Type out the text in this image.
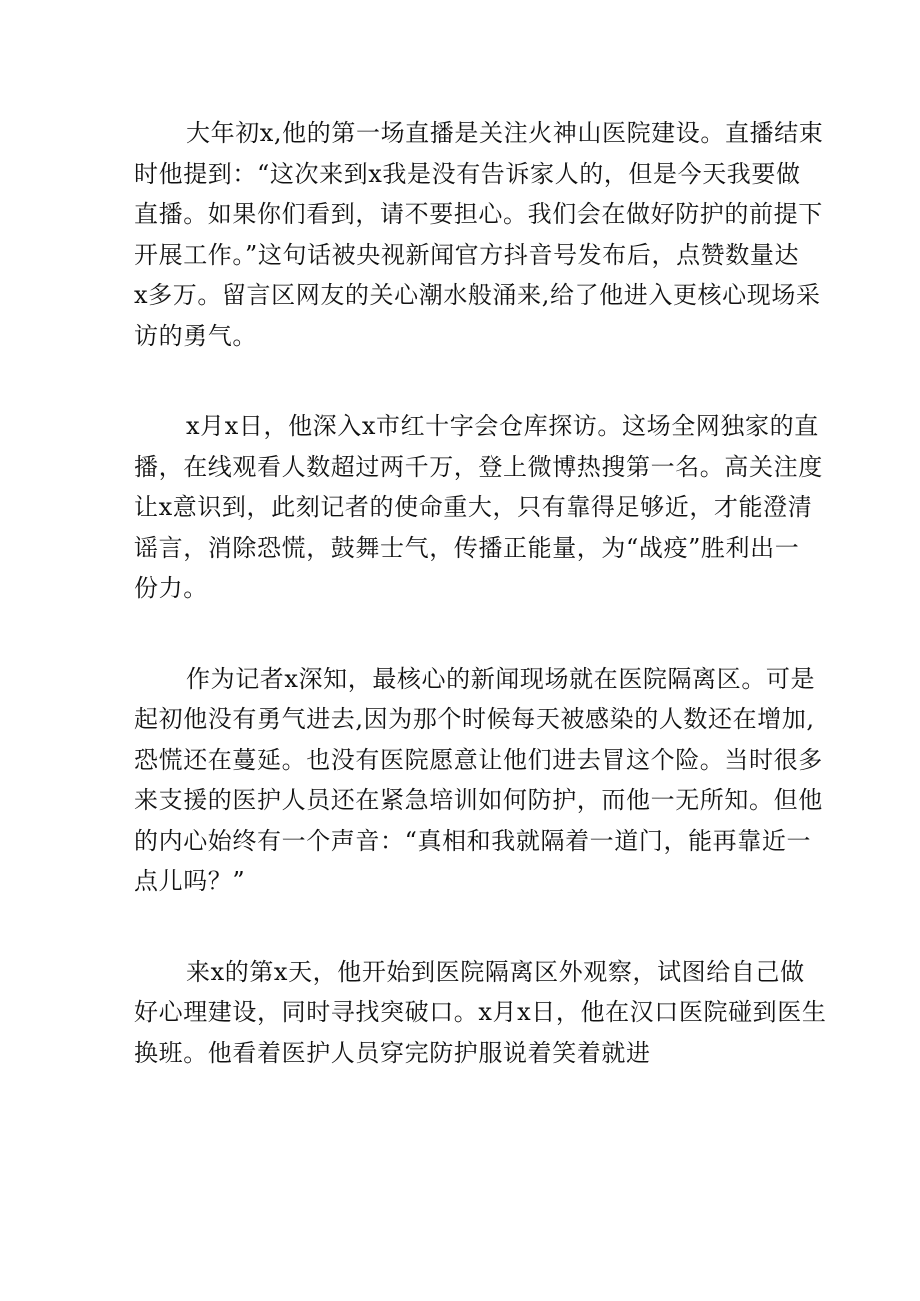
大年初x,他的第一场直播是关注火神山医院建设。直播结束
时他提到：“这次来到x我是没有告诉家人的，但是今天我要做
直播。如果你们看到，请不要担心。我们会在做好防护的前提下
开展工作。”这句话被央视新闻官方抖音号发布后，点赞数量达
x多万。留言区网友的关心潮水般涌来,给了他进入更核心现场采
访的勇气。

x月x日，他深入x市红十字会仓库探访。这场全网独家的直
播，在线观看人数超过两千万，登上微博热搜第一名。高关注度
让x意识到，此刻记者的使命重大，只有靠得足够近，才能澄清
谣言，消除恐慌，鼓舞士气，传播正能量，为“战疫”胜利出一
份力。

作为记者x深知，最核心的新闻现场就在医院隔离区。可是
起初他没有勇气进去,因为那个时候每天被感染的人数还在增加,
恐慌还在蔓延。也没有医院愿意让他们进去冒这个险。当时很多
来支援的医护人员还在紧急培训如何防护，而他一无所知。但他
的内心始终有一个声音：“真相和我就隔着一道门，能再靠近一
点儿吗？”

来x的第x天，他开始到医院隔离区外观察，试图给自己做
好心理建设，同时寻找突破口。x月x日，他在汉口医院碰到医生
换班。他看着医护人员穿完防护服说着笑着就进
